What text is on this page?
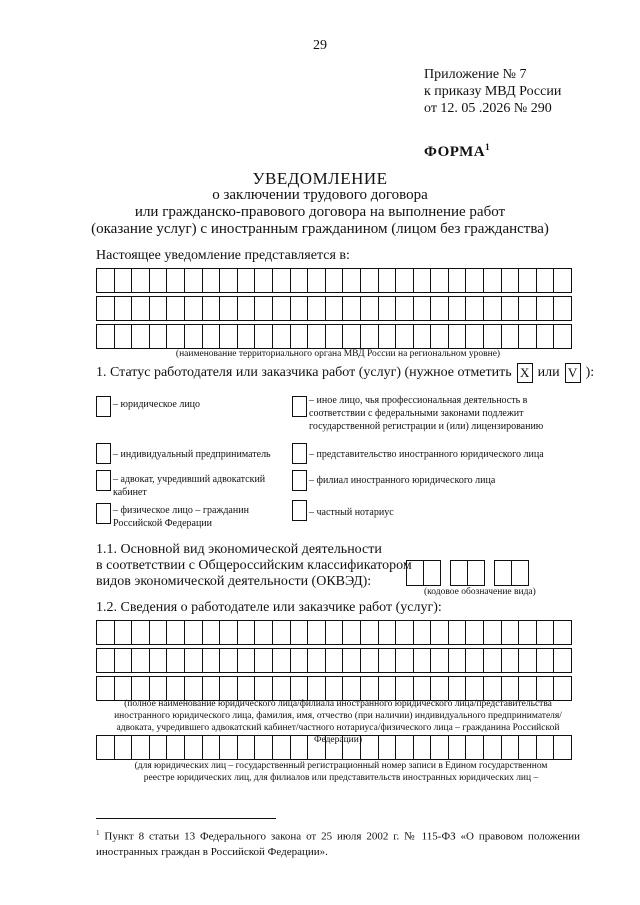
29
Приложение № 7
к приказу МВД России
от 12. 05 .2026 № 290
ФОРМА$^1$
УВЕДОМЛЕНИЕ
о заключении трудового договора
или гражданско-правового договора на выполнение работ
(оказание услуг) с иностранным гражданином (лицом без гражданства)
Настоящее уведомление представляется в:
(наименование территориального органа МВД России на региональном уровне)
1. Статус работодателя или заказчика работ (услуг) (нужное отметить X или V ):
– юридическое лицо
– индивидуальный предприниматель
– адвокат, учредивший адвокатский кабинет
– физическое лицо – гражданин Российской Федерации
– иное лицо, чья профессиональная деятельность в соответствии с федеральными законами подлежит государственной регистрации и (или) лицензированию
– представительство иностранного юридического лица
– филиал иностранного юридического лица
– частный нотариус
1.1. Основной вид экономической деятельности
в соответствии с Общероссийским классификатором
видов экономической деятельности (ОКВЭД):
(кодовое обозначение вида)
1.2. Сведения о работодателе или заказчике работ (услуг):
(полное наименование юридического лица/филиала иностранного юридического лица/представительства иностранного юридического лица, фамилия, имя, отчество (при наличии) индивидуального предпринимателя/адвоката, учредившего адвокатский кабинет/частного нотариуса/физического лица – гражданина Российской Федерации)
(для юридических лиц – государственный регистрационный номер записи в Едином государственном реестре юридических лиц, для филиалов или представительств иностранных юридических лиц –
$^1$ Пункт 8 статьи 13 Федерального закона от 25 июля 2002 г. № 115-ФЗ «О правовом положении иностранных граждан в Российской Федерации».
